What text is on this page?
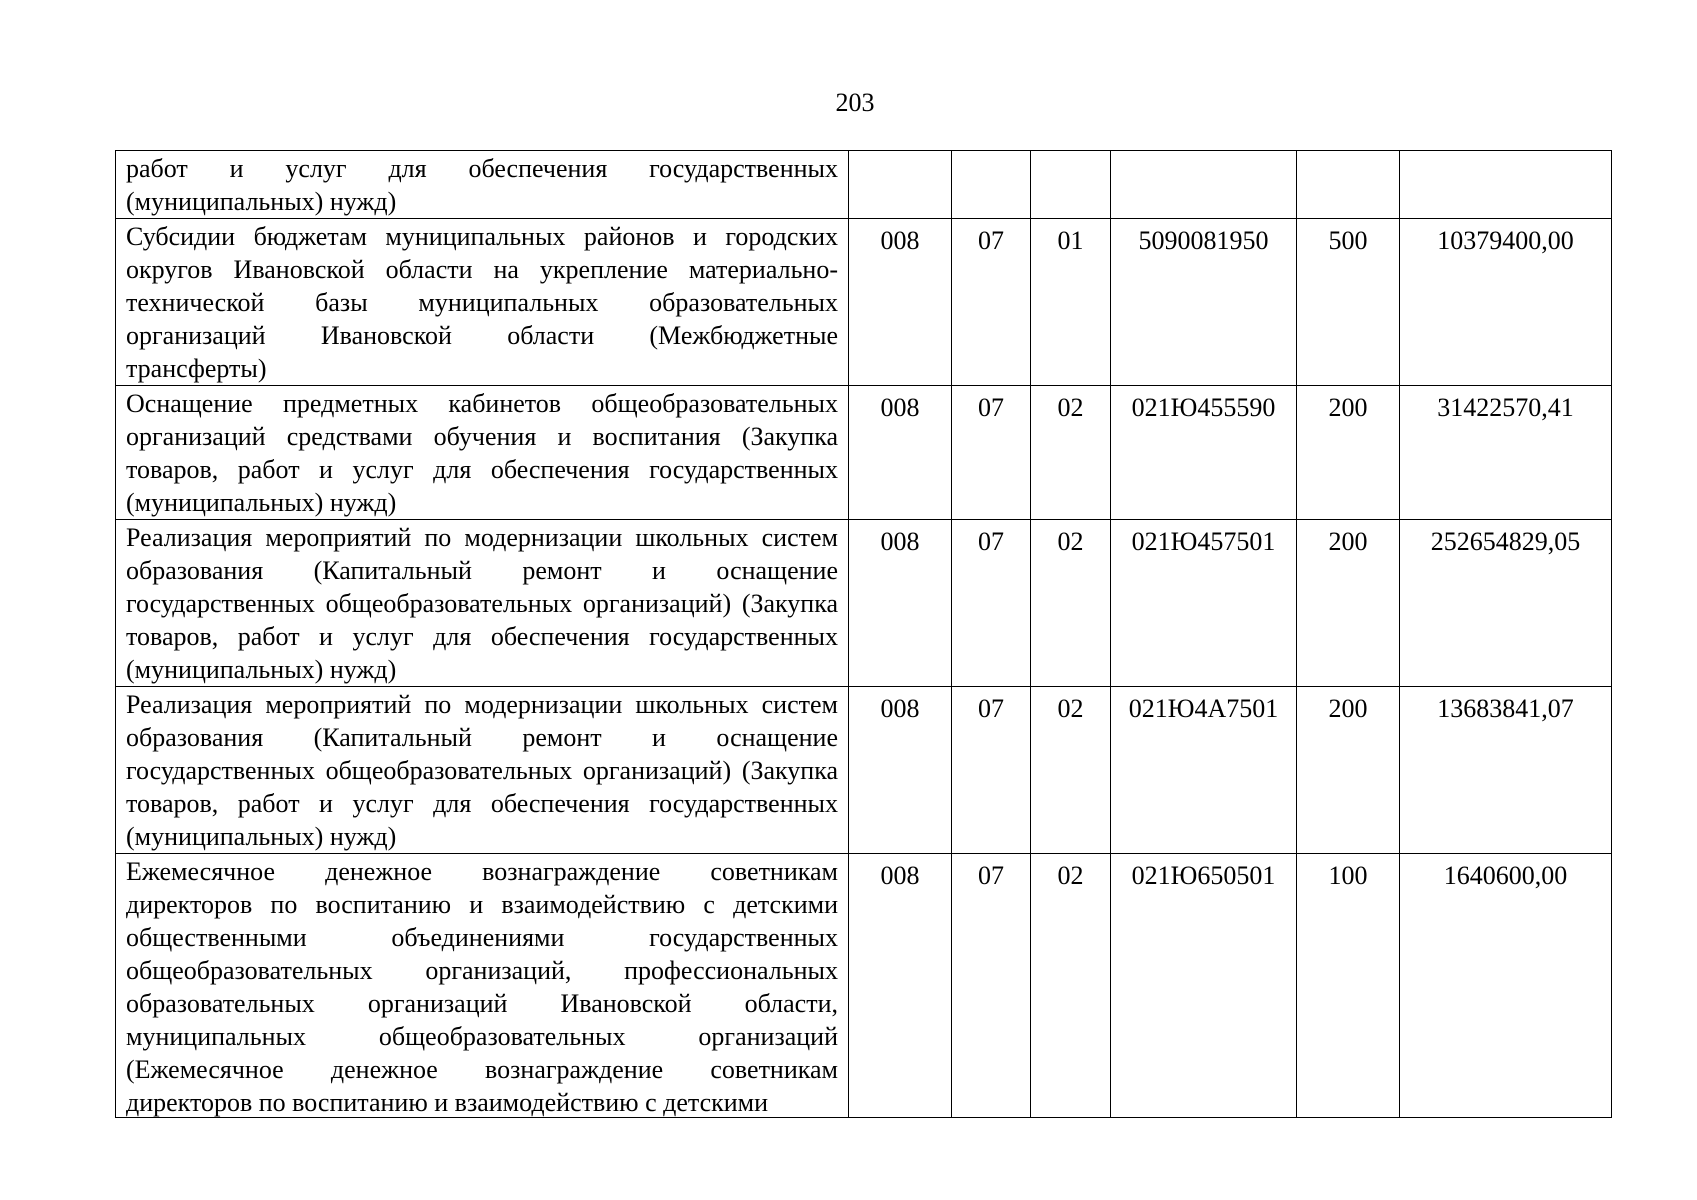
203
работ и услуг для обеспечения государственных (муниципальных) нужд)						
Субсидии бюджетам муниципальных районов и городских округов Ивановской области на укрепление материально-технической базы муниципальных образовательных организаций Ивановской области (Межбюджетные трансферты)	008	07	01	5090081950	500	10379400,00
Оснащение предметных кабинетов общеобразовательных организаций средствами обучения и воспитания (Закупка товаров, работ и услуг для обеспечения государственных (муниципальных) нужд)	008	07	02	021Ю455590	200	31422570,41
Реализация мероприятий по модернизации школьных систем образования (Капитальный ремонт и оснащение государственных общеобразовательных организаций) (Закупка товаров, работ и услуг для обеспечения государственных (муниципальных) нужд)	008	07	02	021Ю457501	200	252654829,05
Реализация мероприятий по модернизации школьных систем образования (Капитальный ремонт и оснащение государственных общеобразовательных организаций) (Закупка товаров, работ и услуг для обеспечения государственных (муниципальных) нужд)	008	07	02	021Ю4А7501	200	13683841,07

Ежемесячное денежное вознаграждение советникам директоров по воспитанию и взаимодействию с детскими общественными объединениями государственных общеобразовательных организаций, профессиональных образовательных организаций Ивановской области, муниципальных общеобразовательных организаций (Ежемесячное денежное вознаграждение советникам директоров по воспитанию и взаимодействию с детскими	008	07	02	021Ю650501	100	1640600,00
